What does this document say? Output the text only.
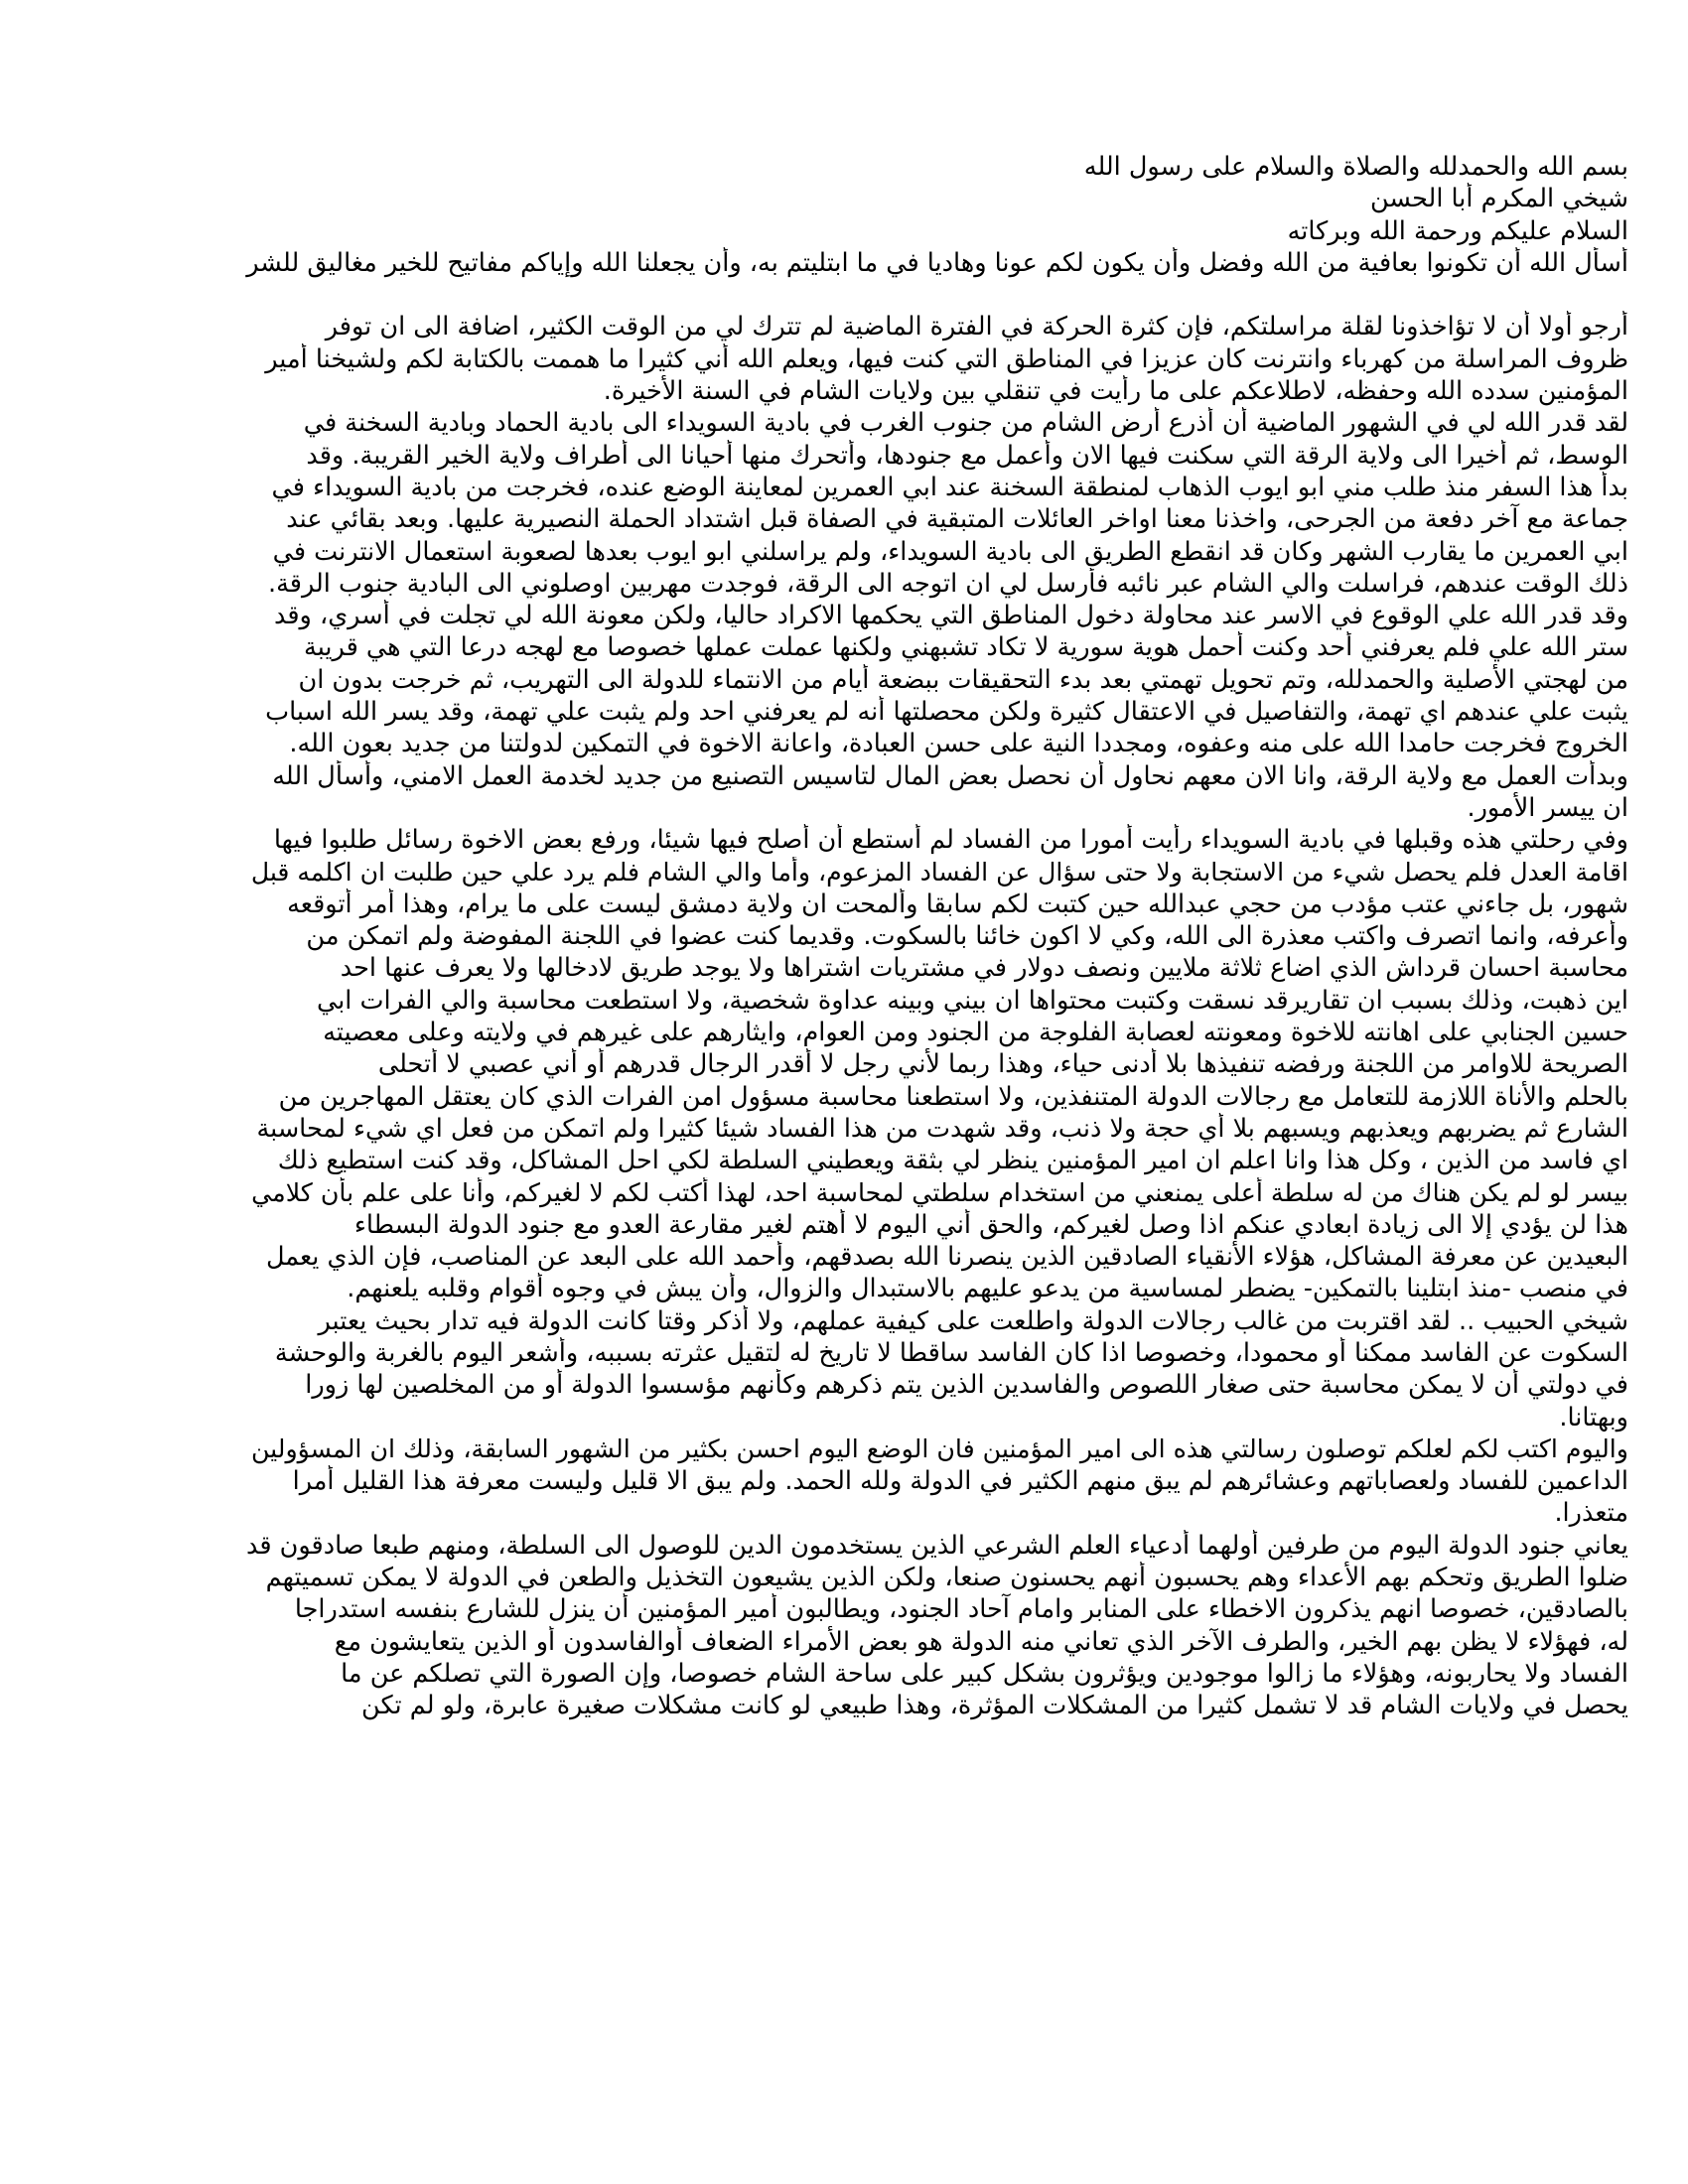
بسم الله والحمدلله والصلاة والسلام على رسول الله
شيخي المكرم أبا الحسن
السلام عليكم ورحمة الله وبركاته
أسأل الله أن تكونوا بعافية من الله وفضل وأن يكون لكم عونا وهاديا في ما ابتليتم به، وأن يجعلنا الله وإياكم مفاتيح للخير مغاليق للشر
أرجو أولا أن لا تؤاخذونا لقلة مراسلتكم، فإن كثرة الحركة في الفترة الماضية لم تترك لي من الوقت الكثير، اضافة الى ان توفر
ظروف المراسلة من كهرباء وانترنت كان عزيزا في المناطق التي كنت فيها، ويعلم الله أني كثيرا ما هممت بالكتابة لكم ولشيخنا أمير
المؤمنين سدده الله وحفظه، لاطلاعكم على ما رأيت في تنقلي بين ولايات الشام في السنة الأخيرة.
لقد قدر الله لي في الشهور الماضية أن أذرع أرض الشام من جنوب الغرب في بادية السويداء الى بادية الحماد وبادية السخنة في
الوسط، ثم أخيرا الى ولاية الرقة التي سكنت فيها الان وأعمل مع جنودها، وأتحرك منها أحيانا الى أطراف ولاية الخير القريبة. وقد
بدأ هذا السفر منذ طلب مني ابو ايوب الذهاب لمنطقة السخنة عند ابي العمرين لمعاينة الوضع عنده، فخرجت من بادية السويداء في
جماعة مع آخر دفعة من الجرحى، واخذنا معنا اواخر العائلات المتبقية في الصفاة قبل اشتداد الحملة النصيرية عليها. وبعد بقائي عند
ابي العمرين ما يقارب الشهر وكان قد انقطع الطريق الى بادية السويداء، ولم يراسلني ابو ايوب بعدها لصعوبة استعمال الانترنت في
ذلك الوقت عندهم، فراسلت والي الشام عبر نائبه فأرسل لي ان اتوجه الى الرقة، فوجدت مهربين اوصلوني الى البادية جنوب الرقة.
وقد قدر الله علي الوقوع في الاسر عند محاولة دخول المناطق التي يحكمها الاكراد حاليا، ولكن معونة الله لي تجلت في أسري، وقد
ستر الله علي فلم يعرفني أحد وكنت أحمل هوية سورية لا تكاد تشبهني ولكنها عملت عملها خصوصا مع لهجه درعا التي هي قريبة
من لهجتي الأصلية والحمدلله، وتم تحويل تهمتي بعد بدء التحقيقات ببضعة أيام من الانتماء للدولة الى التهريب، ثم خرجت بدون ان
يثبت علي عندهم اي تهمة، والتفاصيل في الاعتقال كثيرة ولكن محصلتها أنه لم يعرفني احد ولم يثبت علي تهمة، وقد يسر الله اسباب
الخروج فخرجت حامدا الله على منه وعفوه، ومجددا النية على حسن العبادة، واعانة الاخوة في التمكين لدولتنا من جديد بعون الله.
وبدأت العمل مع ولاية الرقة، وانا الان معهم نحاول أن نحصل بعض المال لتاسيس التصنيع من جديد لخدمة العمل الامني، وأسأل الله
ان ييسر الأمور.
وفي رحلتي هذه وقبلها في بادية السويداء رأيت أمورا من الفساد لم أستطع أن أصلح فيها شيئا، ورفع بعض الاخوة رسائل طلبوا فيها
اقامة العدل فلم يحصل شيء من الاستجابة ولا حتى سؤال عن الفساد المزعوم، وأما والي الشام فلم يرد علي حين طلبت ان اكلمه قبل
شهور، بل جاءني عتب مؤدب من حجي عبدالله حين كتبت لكم سابقا وألمحت ان ولاية دمشق ليست على ما يرام، وهذا أمر أتوقعه
وأعرفه، وانما اتصرف واكتب معذرة الى الله، وكي لا اكون خائنا بالسكوت. وقديما كنت عضوا في اللجنة المفوضة ولم اتمكن من
محاسبة احسان قرداش الذي اضاع ثلاثة ملايين ونصف دولار في مشتريات اشتراها ولا يوجد طريق لادخالها ولا يعرف عنها احد
اين ذهبت، وذلك بسبب ان تقاريرقد نسقت وكتبت محتواها ان بيني وبينه عداوة شخصية، ولا استطعت محاسبة والي الفرات ابي
حسين الجنابي على اهانته للاخوة ومعونته لعصابة الفلوجة من الجنود ومن العوام، وايثارهم على غيرهم في ولايته وعلى معصيته
الصريحة للاوامر من اللجنة ورفضه تنفيذها بلا أدنى حياء، وهذا ربما لأني رجل لا أقدر الرجال قدرهم أو أني عصبي لا أتحلى
بالحلم والأناة اللازمة للتعامل مع رجالات الدولة المتنفذين، ولا استطعنا محاسبة مسؤول امن الفرات الذي كان يعتقل المهاجرين من
الشارع ثم يضربهم ويعذبهم ويسبهم بلا أي حجة ولا ذنب، وقد شهدت من هذا الفساد شيئا كثيرا ولم اتمكن من فعل اي شيء لمحاسبة
اي فاسد من الذين ، وكل هذا وانا اعلم ان امير المؤمنين ينظر لي بثقة ويعطيني السلطة لكي احل المشاكل، وقد كنت استطيع ذلك
بيسر لو لم يكن هناك من له سلطة أعلى يمنعني من استخدام سلطتي لمحاسبة احد، لهذا أكتب لكم لا لغيركم، وأنا على علم بأن كلامي
هذا لن يؤدي إلا الى زيادة ابعادي عنكم اذا وصل لغيركم، والحق أني اليوم لا أهتم لغير مقارعة العدو مع جنود الدولة البسطاء
البعيدين عن معرفة المشاكل، هؤلاء الأنقياء الصادقين الذين ينصرنا الله بصدقهم، وأحمد الله على البعد عن المناصب، فإن الذي يعمل
في منصب -منذ ابتلينا بالتمكين- يضطر لمساسية من يدعو عليهم بالاستبدال والزوال، وأن يبش في وجوه أقوام وقلبه يلعنهم.
شيخي الحبيب .. لقد اقتربت من غالب رجالات الدولة واطلعت على كيفية عملهم، ولا أذكر وقتا كانت الدولة فيه تدار بحيث يعتبر
السكوت عن الفاسد ممكنا أو محمودا، وخصوصا اذا كان الفاسد ساقطا لا تاريخ له لتقيل عثرته بسببه، وأشعر اليوم بالغربة والوحشة
في دولتي أن لا يمكن محاسبة حتى صغار اللصوص والفاسدين الذين يتم ذكرهم وكأنهم مؤسسوا الدولة أو من المخلصين لها زورا
وبهتانا.
واليوم اكتب لكم لعلكم توصلون رسالتي هذه الى امير المؤمنين فان الوضع اليوم احسن بكثير من الشهور السابقة، وذلك ان المسؤولين
الداعمين للفساد ولعصاباتهم وعشائرهم لم يبق منهم الكثير في الدولة ولله الحمد. ولم يبق الا قليل وليست معرفة هذا القليل أمرا
متعذرا.
يعاني جنود الدولة اليوم من طرفين أولهما أدعياء العلم الشرعي الذين يستخدمون الدين للوصول الى السلطة، ومنهم طبعا صادقون قد
ضلوا الطريق وتحكم بهم الأعداء وهم يحسبون أنهم يحسنون صنعا، ولكن الذين يشيعون التخذيل والطعن في الدولة لا يمكن تسميتهم
بالصادقين، خصوصا انهم يذكرون الاخطاء على المنابر وامام آحاد الجنود، ويطالبون أمير المؤمنين أن ينزل للشارع بنفسه استدراجا
له، فهؤلاء لا يظن بهم الخير، والطرف الآخر الذي تعاني منه الدولة هو بعض الأمراء الضعاف أوالفاسدون أو الذين يتعايشون مع
الفساد ولا يحاربونه، وهؤلاء ما زالوا موجودين ويؤثرون بشكل كبير على ساحة الشام خصوصا، وإن الصورة التي تصلكم عن ما
يحصل في ولايات الشام قد لا تشمل كثيرا من المشكلات المؤثرة، وهذا طبيعي لو كانت مشكلات صغيرة عابرة، ولو لم تكن
